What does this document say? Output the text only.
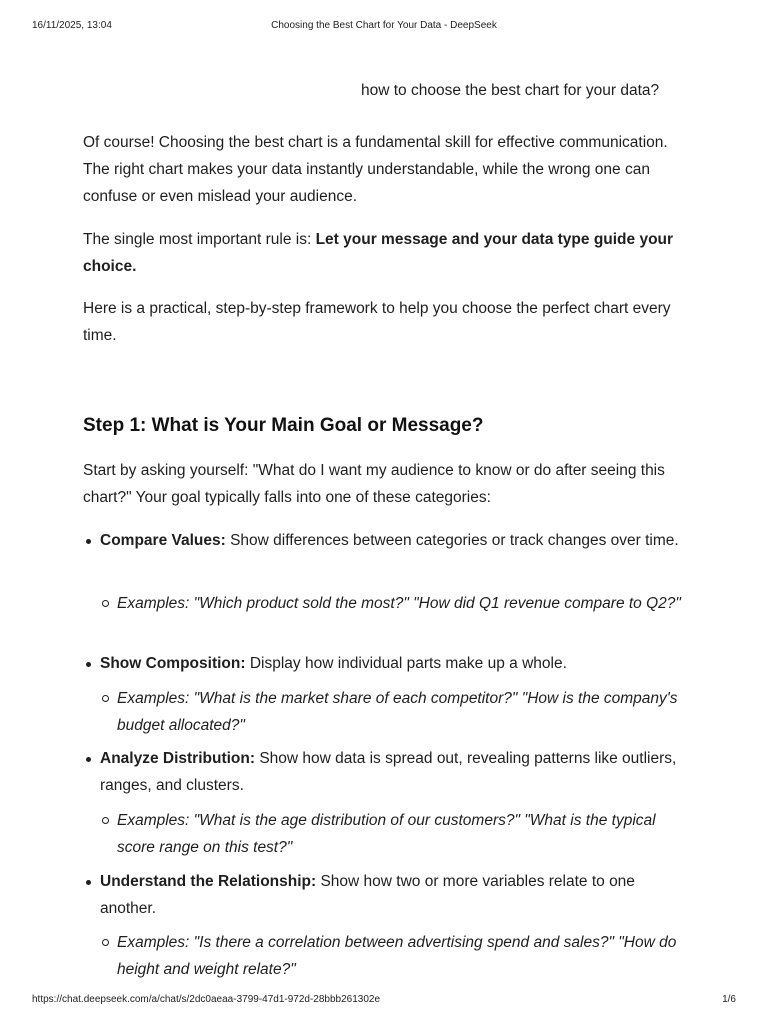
16/11/2025, 13:04	Choosing the Best Chart for Your Data - DeepSeek
how to choose the best chart for your data?

Of course! Choosing the best chart is a fundamental skill for effective communication. The right chart makes your data instantly understandable, while the wrong one can confuse or even mislead your audience.

The single most important rule is: Let your message and your data type guide your choice.

Here is a practical, step-by-step framework to help you choose the perfect chart every time.

Step 1: What is Your Main Goal or Message?

Start by asking yourself: "What do I want my audience to know or do after seeing this chart?" Your goal typically falls into one of these categories:

Compare Values: Show differences between categories or track changes over time.
Examples: "Which product sold the most?" "How did Q1 revenue compare to Q2?"
Show Composition: Display how individual parts make up a whole.
Examples: "What is the market share of each competitor?" "How is the company's budget allocated?"
Analyze Distribution: Show how data is spread out, revealing patterns like outliers, ranges, and clusters.
Examples: "What is the age distribution of our customers?" "What is the typical score range on this test?"
Understand the Relationship: Show how two or more variables relate to one another.
Examples: "Is there a correlation between advertising spend and sales?" "How do height and weight relate?"
https://chat.deepseek.com/a/chat/s/2dc0aeaa-3799-47d1-972d-28bbb261302e	1/6
